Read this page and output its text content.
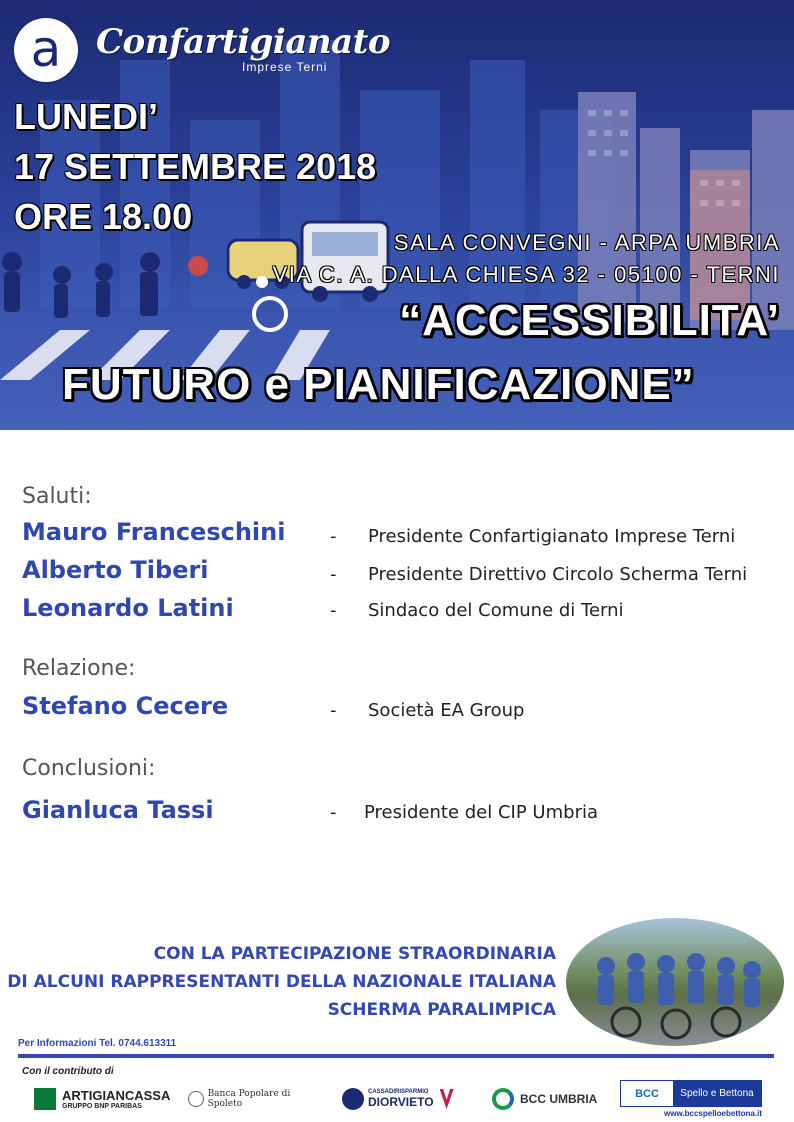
a	Confartigianato
Imprese Terni
LUNEDI’
17 SETTEMBRE 2018
ORE 18.00
SALA CONVEGNI - ARPA UMBRIA
VIA C. A. DALLA CHIESA 32 - 05100 - TERNI
“ACCESSIBILITA’
FUTURO e PIANIFICAZIONE”
Saluti:
Mauro Franceschini - Presidente Confartigianato Imprese Terni
Alberto Tiberi	- Presidente Direttivo Circolo Scherma Terni
Leonardo Latini	- Sindaco del Comune di Terni
Relazione:
Stefano Cecere	- Società EA Group
Conclusioni:
Gianluca Tassi	- Presidente del CIP Umbria
CON LA PARTECIPAZIONE STRAORDINARIA
DI ALCUNI RAPPRESENTANTI DELLA NAZIONALE ITALIANA
SCHERMA PARALIMPICA
Per Informazioni Tel. 0744.613311
Con il contributo di
ARTIGIANCASSA
GRUPPO BNP PARIBAS
Banca Popolare di Spoleto
CASSADIRISPARMIO
DIORVIETO	BCC UMBRIA	BCC	Spello e Bettona
www.bccspelloebettona.it
